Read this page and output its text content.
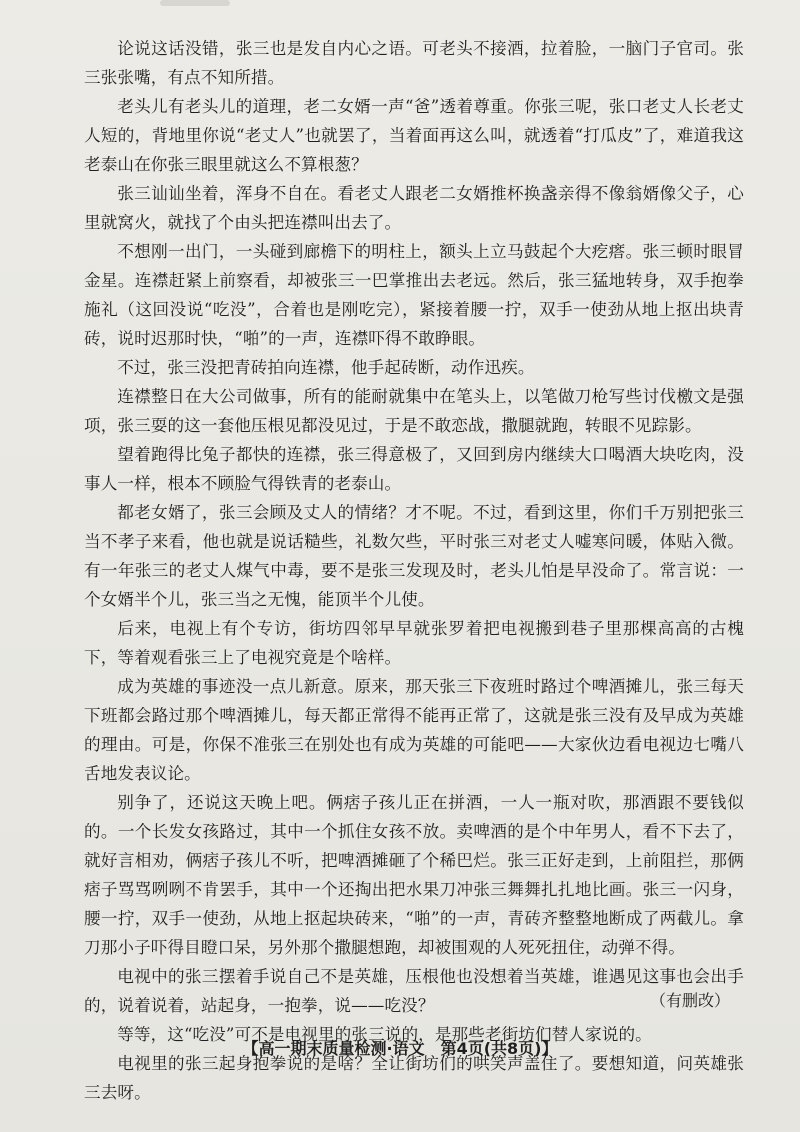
论说这话没错，张三也是发自内心之语。可老头不接酒，拉着脸，一脑门子官司。张三张张嘴，有点不知所措。

老头儿有老头儿的道理，老二女婿一声“爸”透着尊重。你张三呢，张口老丈人长老丈人短的，背地里你说“老丈人”也就罢了，当着面再这么叫，就透着“打瓜皮”了，难道我这老泰山在你张三眼里就这么不算根葱？

张三讪讪坐着，浑身不自在。看老丈人跟老二女婿推杯换盏亲得不像翁婿像父子，心里就窝火，就找了个由头把连襟叫出去了。

不想刚一出门，一头碰到廊檐下的明柱上，额头上立马鼓起个大疙瘩。张三顿时眼冒金星。连襟赶紧上前察看，却被张三一巴掌推出去老远。然后，张三猛地转身，双手抱拳施礼（这回没说“吃没”，合着也是刚吃完），紧接着腰一拧，双手一使劲从地上抠出块青砖，说时迟那时快，“啪”的一声，连襟吓得不敢睁眼。

不过，张三没把青砖拍向连襟，他手起砖断，动作迅疾。

连襟整日在大公司做事，所有的能耐就集中在笔头上，以笔做刀枪写些讨伐檄文是强项，张三耍的这一套他压根见都没见过，于是不敢恋战，撒腿就跑，转眼不见踪影。

望着跑得比兔子都快的连襟，张三得意极了，又回到房内继续大口喝酒大块吃肉，没事人一样，根本不顾脸气得铁青的老泰山。

都老女婿了，张三会顾及丈人的情绪？才不呢。不过，看到这里，你们千万别把张三当不孝子来看，他也就是说话糙些，礼数欠些，平时张三对老丈人嘘寒问暖，体贴入微。有一年张三的老丈人煤气中毒，要不是张三发现及时，老头儿怕是早没命了。常言说：一个女婿半个儿，张三当之无愧，能顶半个儿使。

后来，电视上有个专访，街坊四邻早早就张罗着把电视搬到巷子里那棵高高的古槐下，等着观看张三上了电视究竟是个啥样。

成为英雄的事迹没一点儿新意。原来，那天张三下夜班时路过个啤酒摊儿，张三每天下班都会路过那个啤酒摊儿，每天都正常得不能再正常了，这就是张三没有及早成为英雄的理由。可是，你保不准张三在别处也有成为英雄的可能吧——大家伙边看电视边七嘴八舌地发表议论。

别争了，还说这天晚上吧。俩痞子孩儿正在拼酒，一人一瓶对吹，那酒跟不要钱似的。一个长发女孩路过，其中一个抓住女孩不放。卖啤酒的是个中年男人，看不下去了，就好言相劝，俩痞子孩儿不听，把啤酒摊砸了个稀巴烂。张三正好走到，上前阻拦，那俩痞子骂骂咧咧不肯罢手，其中一个还掏出把水果刀冲张三舞舞扎扎地比画。张三一闪身，腰一拧，双手一使劲，从地上抠起块砖来，“啪”的一声，青砖齐整整地断成了两截儿。拿刀那小子吓得目瞪口呆，另外那个撒腿想跑，却被围观的人死死扭住，动弹不得。

电视中的张三摆着手说自己不是英雄，压根他也没想着当英雄，谁遇见这事也会出手的，说着说着，站起身，一抱拳，说——吃没？

等等，这“吃没”可不是电视里的张三说的，是那些老街坊们替人家说的。

电视里的张三起身抱拳说的是啥？全让街坊们的哄笑声盖住了。要想知道，问英雄张三去呀。

（有删改）
【高一期末质量检测·语文　第4页(共8页)】
